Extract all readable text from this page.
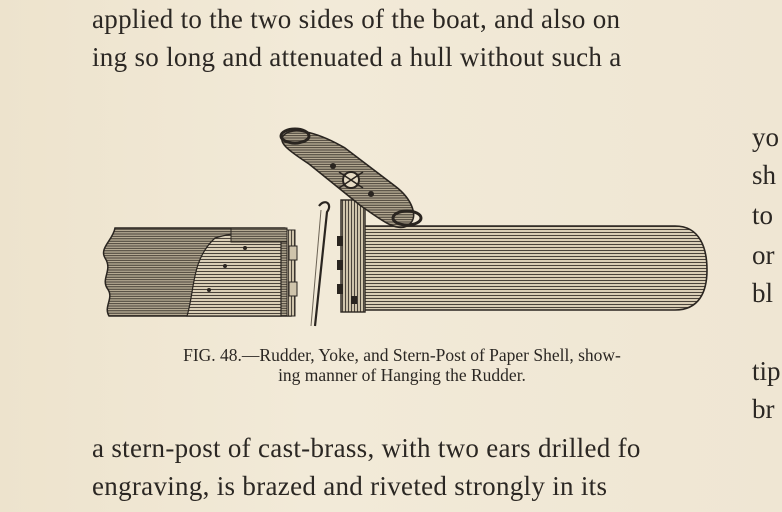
applied to the two sides of the boat, and also on
ing so long and attenuated a hull without such a
yo
sh
to
or
bl
tip
br
FIG. 48.—Rudder, Yoke, and Stern-Post of Paper Shell, show-
ing manner of Hanging the Rudder.
a stern-post of cast-brass, with two ears drilled fo
engraving, is brazed and riveted strongly in its
